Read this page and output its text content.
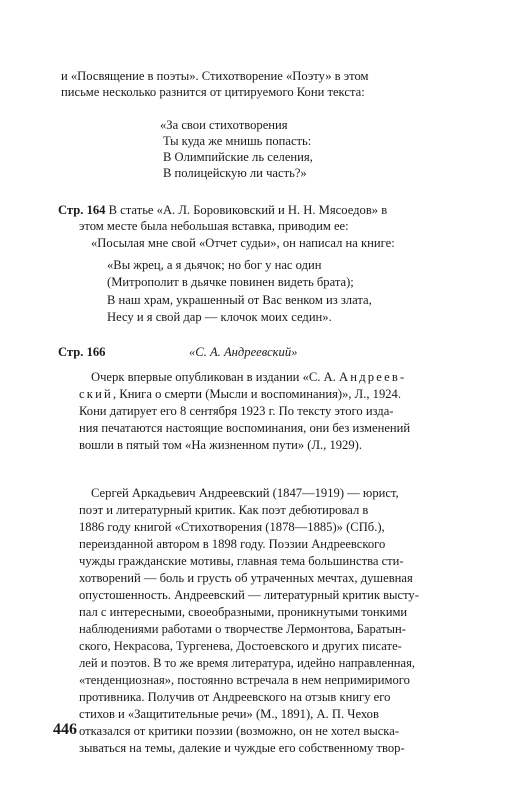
и «Посвящение в поэты». Стихотворение «Поэту» в этом

письме несколько разнится от цитируемого Кони текста:

«За свои стихотворения

Ты куда же мнишь попасть:

В Олимпийские ль селения,

В полицейскую ли часть?»

Стр. 164 В статье «А. Л. Боровиковский и Н. Н. Мясоедов» в

этом месте была небольшая вставка, приводим ее:

«Посылая мне свой «Отчет судьи», он написал на книге:

«Вы жрец, а я дьячок; но бог у нас один

(Митрополит в дьячке повинен видеть брата);

В наш храм, украшенный от Вас венком из злата,

Несу и я свой дар — клочок моих седин».

Стр. 166	«С. А. Андреевский»

Очерк впервые опубликован в издании «С. А. Андреев-

ский, Книга о смерти (Мысли и воспоминания)», Л., 1924.

Кони датирует его 8 сентября 1923 г. По тексту этого изда-

ния печатаются настоящие воспоминания, они без изменений

вошли в пятый том «На жизненном пути» (Л., 1929).

Сергей Аркадьевич Андреевский (1847—1919) — юрист,

поэт и литературный критик. Как поэт дебютировал в

1886 году книгой «Стихотворения (1878—1885)» (СПб.),

переизданной автором в 1898 году. Поэзии Андреевского

чужды гражданские мотивы, главная тема большинства сти-

хотворений — боль и грусть об утраченных мечтах, душевная

опустошенность. Андреевский — литературный критик высту-

пал с интересными, своеобразными, проникнутыми тонкими

наблюдениями работами о творчестве Лермонтова, Баратын-

ского, Некрасова, Тургенева, Достоевского и других писате-

лей и поэтов. В то же время литература, идейно направленная,

«тенденциозная», постоянно встречала в нем непримиримого

противника. Получив от Андреевского на отзыв книгу его

стихов и «Защитительные речи» (М., 1891), А. П. Чехов

отказался от критики поэзии (возможно, он не хотел выска-

зываться на темы, далекие и чуждые его собственному твор-

446
